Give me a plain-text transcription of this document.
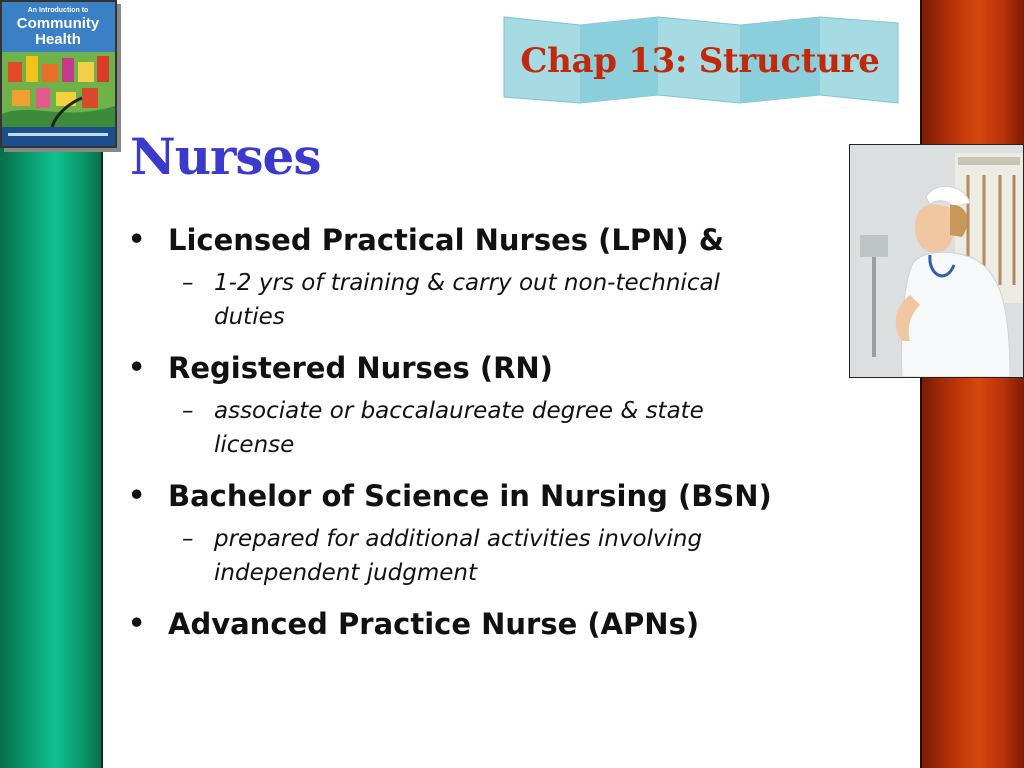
An Introduction to
Community
Health
Chap 13: Structure
Nurses
• Licensed Practical Nurses (LPN) &
– 1-2 yrs of training & carry out non-technical
duties
• Registered Nurses (RN)
– associate or baccalaureate degree & state
license
• Bachelor of Science in Nursing (BSN)
– prepared for additional activities involving
independent judgment
• Advanced Practice Nurse (APNs)
